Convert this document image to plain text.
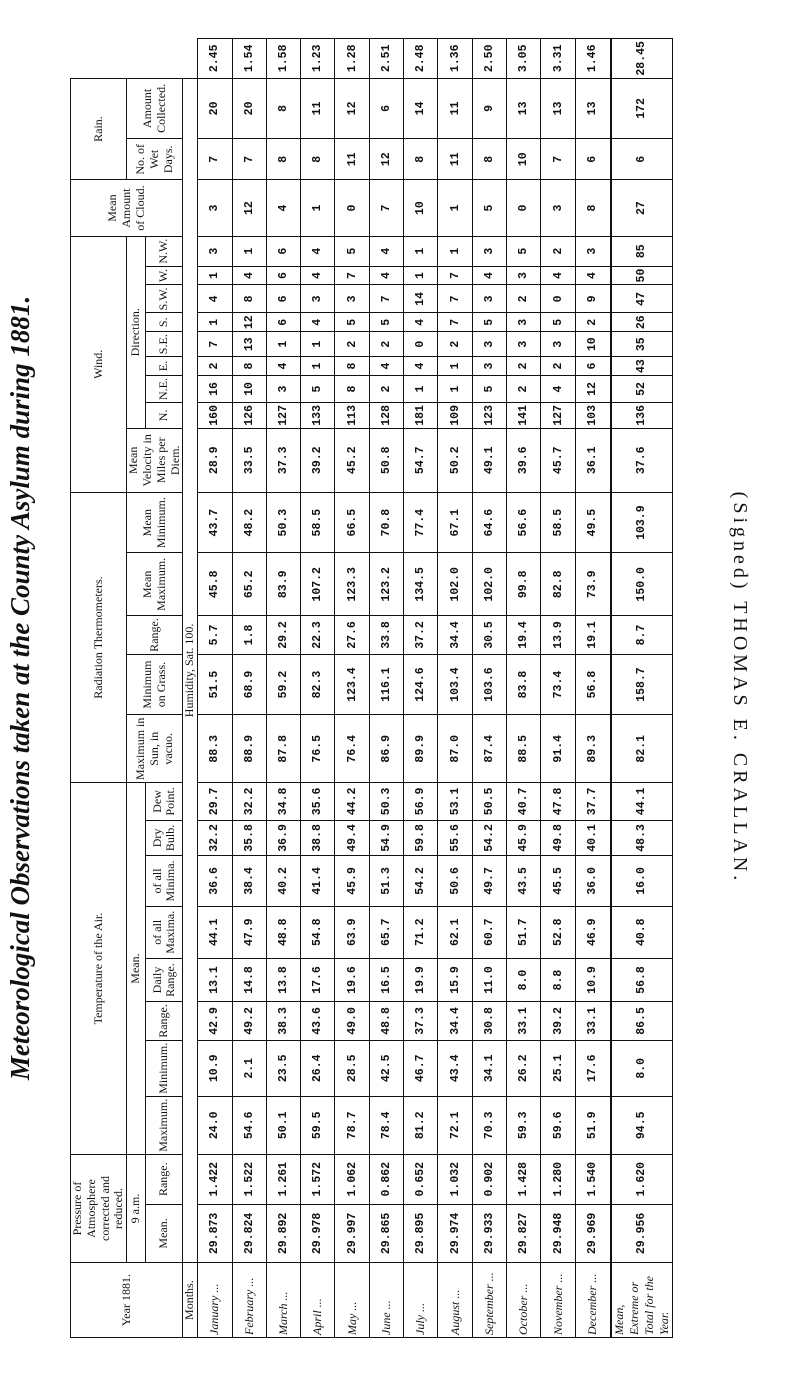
Meteorological Observations taken at the County Asylum during 1881.	(Signed) THOMAS E. CRALLAN.
Year 1881.	Pressure of Atmosphere corrected and reduced.		Temperature of the Air.								Radiation Thermometers.					Wind.									Mean Amount of Cloud.	Rain.		
	9 a.m.		Mean.								Maximum in Sun, in vacuo.	Minimum on Grass.	Range.	Mean Maximum.	Mean Minimum.	Mean Velocity in Miles per Diem.	Direction.									No. of Wet Days.	Amount Collected.	
	Mean.	Range.	Maximum.	Minimum.	Range.	Daily Range.	of all Maxima.	of all Minima.	Dry Bulb.	Dew Point.							N.	N.E.	E.	S.E.	S.	S.W.	W.	N.W.				
Months.	Humidity, Sat. 100.																											
January ...	29.873	1.422	24.0	10.9	42.9	13.1	44.1	36.6	32.2	29.7	88.3	51.5	5.7	45.8	43.7	28.9	160	16	2	7	1	4	1	3	3	7	20	2.45
February ...	29.824	1.522	54.6	2.1	49.2	14.8	47.9	38.4	35.8	32.2	88.9	68.9	1.8	65.2	48.2	33.5	126	10	8	13	12	8	4	1	12	7	20	1.54
March ...	29.892	1.261	50.1	23.5	38.3	13.8	48.8	40.2	36.9	34.8	87.8	59.2	29.2	83.9	50.3	37.3	127	3	4	1	6	6	6	6	4	8	8	1.58
April ...	29.978	1.572	59.5	26.4	43.6	17.6	54.8	41.4	38.8	35.6	76.5	82.3	22.3	107.2	58.5	39.2	133	5	1	1	4	3	4	4	1	8	11	1.23
May ...	29.997	1.062	78.7	28.5	49.0	19.6	63.9	45.9	49.4	44.2	76.4	123.4	27.6	123.3	66.5	45.2	113	8	8	2	5	3	7	5	0	11	12	1.28
June ...	29.865	0.862	78.4	42.5	48.8	16.5	65.7	51.3	54.9	50.3	86.9	116.1	33.8	123.2	70.8	50.8	128	2	4	2	5	7	4	4	7	12	6	2.51
July ...	29.895	0.652	81.2	46.7	37.3	19.9	71.2	54.2	59.8	56.9	89.9	124.6	37.2	134.5	77.4	54.7	181	1	4	0	4	14	1	1	10	8	14	2.48
August ...	29.974	1.032	72.1	43.4	34.4	15.9	62.1	50.6	55.6	53.1	87.0	103.4	34.4	102.0	67.1	50.2	109	1	1	2	7	7	7	1	1	11	11	1.36
September ...	29.933	0.902	70.3	34.1	30.8	11.0	60.7	49.7	54.2	50.5	87.4	103.6	30.5	102.0	64.6	49.1	123	5	3	3	5	3	4	3	5	8	9	2.50
October ...	29.827	1.428	59.3	26.2	33.1	8.0	51.7	43.5	45.9	40.7	88.5	83.8	19.4	99.8	56.6	39.6	141	2	2	3	3	2	3	5	0	10	13	3.05
November ...	29.948	1.280	59.6	25.1	39.2	8.8	52.8	45.5	49.8	47.8	91.4	73.4	13.9	82.8	58.5	45.7	127	4	2	3	5	0	4	2	3	7	13	3.31
December ...	29.969	1.540	51.9	17.6	33.1	10.9	46.9	36.0	40.1	37.7	89.3	56.8	19.1	73.9	49.5	36.1	103	12	6	10	2	9	4	3	8	6	13	1.46
Mean, Extreme or Total for the Year.	29.956	1.620	94.5	8.0	86.5	56.8	40.8	16.0	48.3	44.1	82.1	158.7	8.7	150.0	103.9	37.6	136	52	43	35	26	47	50	85	27	6	172	28.45
